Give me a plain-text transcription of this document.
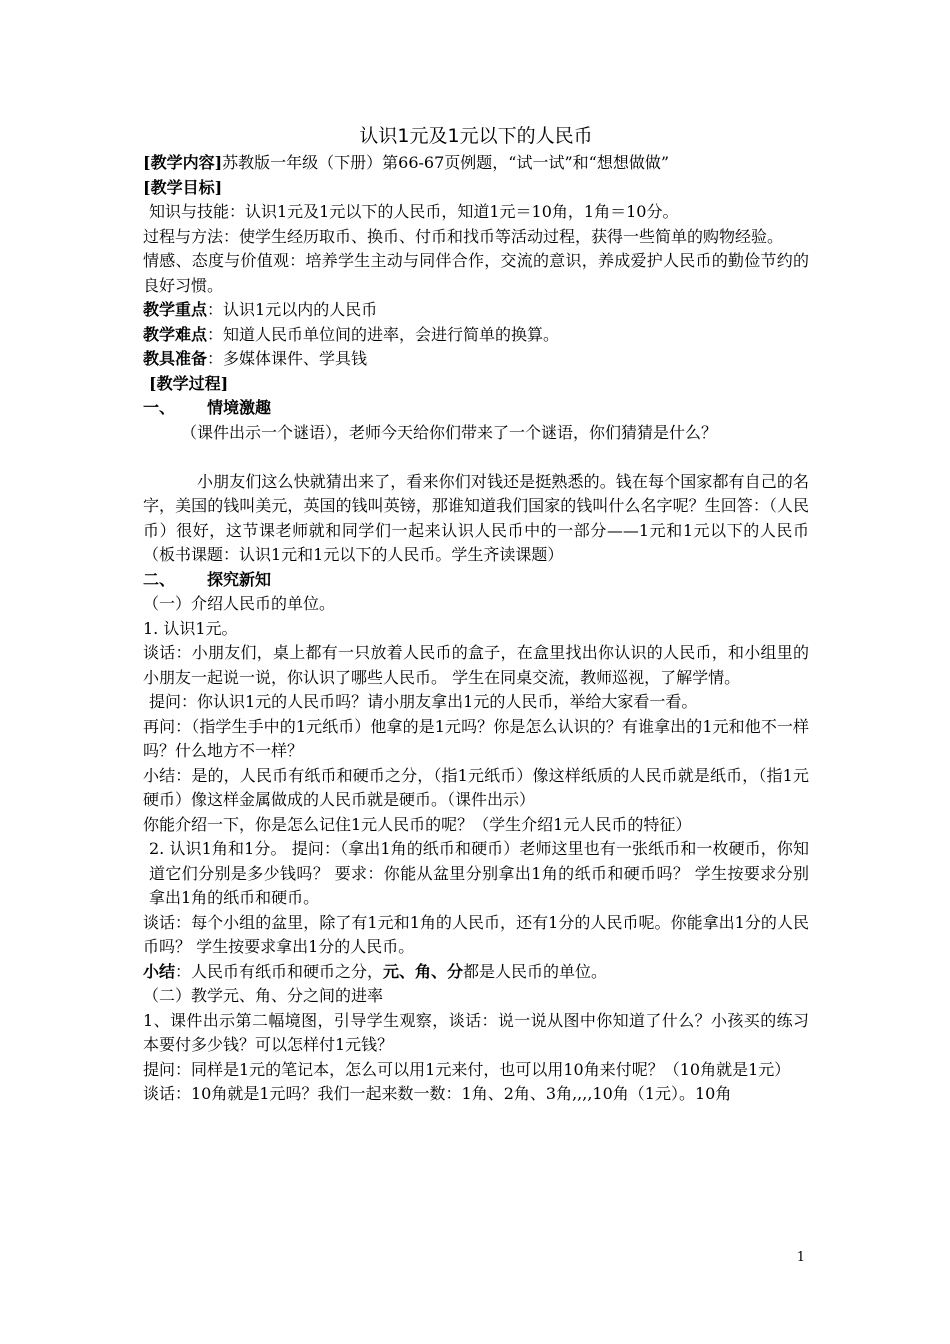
认识1元及1元以下的人民币

[教学内容]苏教版一年级（下册）第66-67页例题，“试一试”和“想想做做”

[教学目标]

知识与技能：认识1元及1元以下的人民币，知道1元＝10角，1角＝10分。

过程与方法：使学生经历取币、换币、付币和找币等活动过程，获得一些简单的购物经验。

情感、态度与价值观：培养学生主动与同伴合作，交流的意识，养成爱护人民币的勤俭节约的良好习惯。

教学重点：认识1元以内的人民币

教学难点：知道人民币单位间的进率，会进行简单的换算。

教具准备：多媒体课件、学具钱

[教学过程]

一、 情境激趣

（课件出示一个谜语），老师今天给你们带来了一个谜语，你们猜猜是什么？

小朋友们这么快就猜出来了，看来你们对钱还是挺熟悉的。钱在每个国家都有自己的名字，美国的钱叫美元，英国的钱叫英镑，那谁知道我们国家的钱叫什么名字呢？生回答：（人民币）很好，这节课老师就和同学们一起来认识人民币中的一部分——1元和1元以下的人民币（板书课题：认识1元和1元以下的人民币。学生齐读课题）

二、 探究新知

（一）介绍人民币的单位。

1. 认识1元。

谈话：小朋友们，桌上都有一只放着人民币的盒子，在盒里找出你认识的人民币，和小组里的小朋友一起说一说，你认识了哪些人民币。 学生在同桌交流，教师巡视，了解学情。

提问：你认识1元的人民币吗？请小朋友拿出1元的人民币，举给大家看一看。

再问：（指学生手中的1元纸币）他拿的是1元吗？你是怎么认识的？有谁拿出的1元和他不一样吗？什么地方不一样？

小结：是的，人民币有纸币和硬币之分，（指1元纸币）像这样纸质的人民币就是纸币，（指1元硬币）像这样金属做成的人民币就是硬币。（课件出示）

你能介绍一下，你是怎么记住1元人民币的呢？（学生介绍1元人民币的特征）

2. 认识1角和1分。 提问：（拿出1角的纸币和硬币）老师这里也有一张纸币和一枚硬币，你知道它们分别是多少钱吗？ 要求：你能从盆里分别拿出1角的纸币和硬币吗？ 学生按要求分别拿出1角的纸币和硬币。

谈话：每个小组的盆里，除了有1元和1角的人民币，还有1分的人民币呢。你能拿出1分的人民币吗？ 学生按要求拿出1分的人民币。

小结：人民币有纸币和硬币之分，元、角、分都是人民币的单位。

（二）教学元、角、分之间的进率

1、课件出示第二幅境图，引导学生观察，谈话：说一说从图中你知道了什么？小孩买的练习本要付多少钱？可以怎样付1元钱？

提问：同样是1元的笔记本，怎么可以用1元来付，也可以用10角来付呢？（10角就是1元）

谈话：10角就是1元吗？我们一起来数一数：1角、2角、3角,,,,10角（1元）。10角

1
